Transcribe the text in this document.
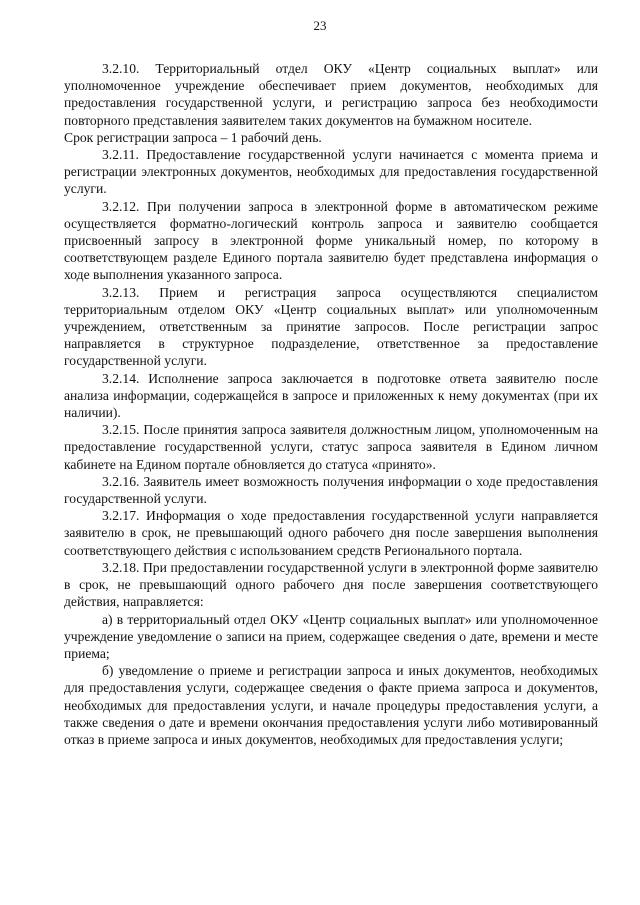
23

3.2.10. Территориальный отдел ОКУ «Центр социальных выплат» или уполномоченное учреждение обеспечивает прием документов, необходимых для предоставления государственной услуги, и регистрацию запроса без необходимости повторного представления заявителем таких документов на бумажном носителе.

Срок регистрации запроса – 1 рабочий день.

3.2.11. Предоставление государственной услуги начинается с момента приема и регистрации электронных документов, необходимых для предоставления государственной услуги.

3.2.12. При получении запроса в электронной форме в автоматическом режиме осуществляется форматно-логический контроль запроса и заявителю сообщается присвоенный запросу в электронной форме уникальный номер, по которому в соответствующем разделе Единого портала заявителю будет представлена информация о ходе выполнения указанного запроса.

3.2.13. Прием и регистрация запроса осуществляются специалистом территориальным отделом ОКУ «Центр социальных выплат» или уполномоченным учреждением, ответственным за принятие запросов. После регистрации запрос направляется в структурное подразделение, ответственное за предоставление государственной услуги.

3.2.14. Исполнение запроса заключается в подготовке ответа заявителю после анализа информации, содержащейся в запросе и приложенных к нему документах (при их наличии).

3.2.15. После принятия запроса заявителя должностным лицом, уполномоченным на предоставление государственной услуги, статус запроса заявителя в Едином личном кабинете на Едином портале обновляется до статуса «принято».

3.2.16. Заявитель имеет возможность получения информации о ходе предоставления государственной услуги.

3.2.17. Информация о ходе предоставления государственной услуги направляется заявителю в срок, не превышающий одного рабочего дня после завершения выполнения соответствующего действия с использованием средств Регионального портала.

3.2.18. При предоставлении государственной услуги в электронной форме заявителю в срок, не превышающий одного рабочего дня после завершения соответствующего действия, направляется:

а) в территориальный отдел ОКУ «Центр социальных выплат» или уполномоченное учреждение уведомление о записи на прием, содержащее сведения о дате, времени и месте приема;

б) уведомление о приеме и регистрации запроса и иных документов, необходимых для предоставления услуги, содержащее сведения о факте приема запроса и документов, необходимых для предоставления услуги, и начале процедуры предоставления услуги, а также сведения о дате и времени окончания предоставления услуги либо мотивированный отказ в приеме запроса и иных документов, необходимых для предоставления услуги;
